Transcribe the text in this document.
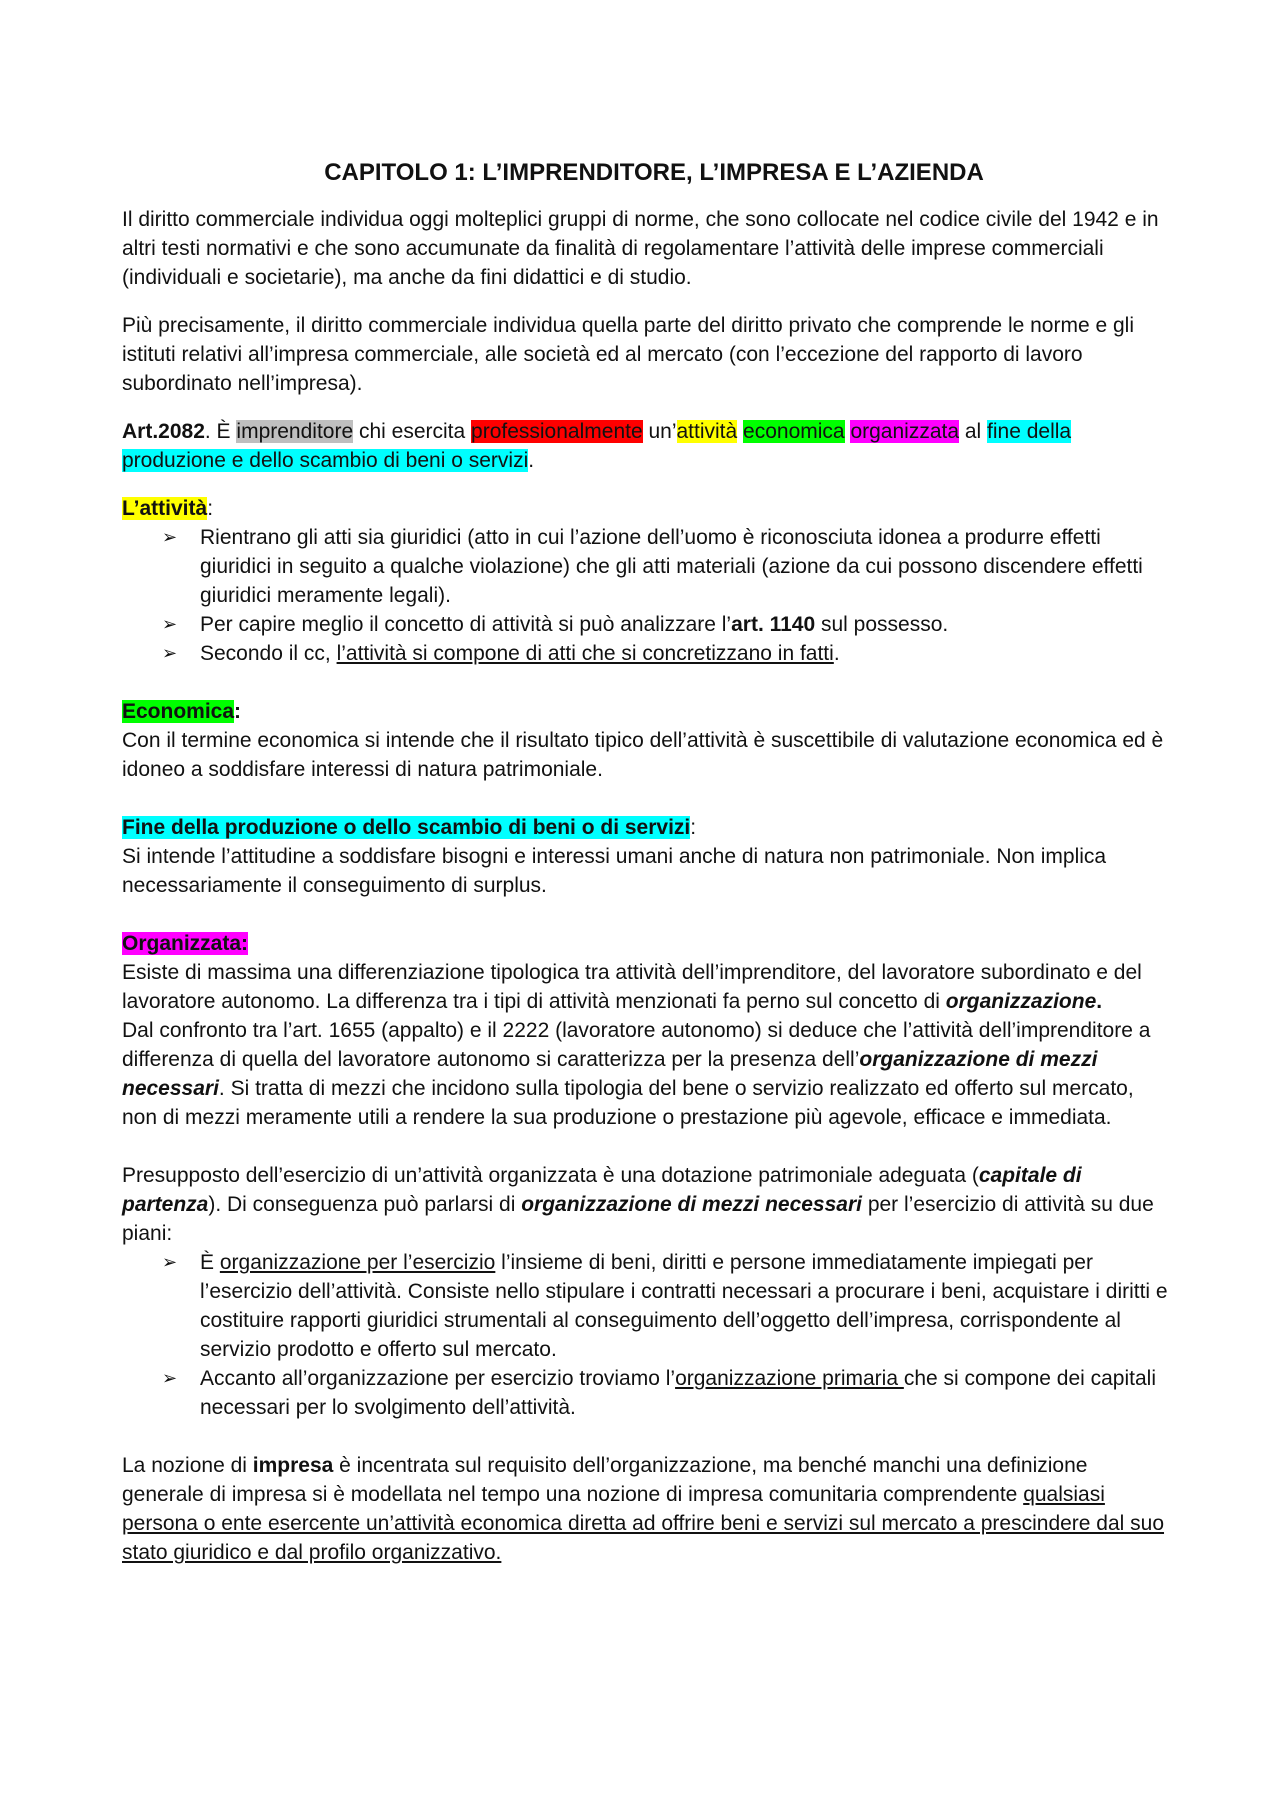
CAPITOLO 1: L’IMPRENDITORE, L’IMPRESA E L’AZIENDA

Il diritto commerciale individua oggi molteplici gruppi di norme, che sono collocate nel codice civile del 1942 e in altri testi normativi e che sono accumunate da finalità di regolamentare l’attività delle imprese commerciali (individuali e societarie), ma anche da fini didattici e di studio.

Più precisamente, il diritto commerciale individua quella parte del diritto privato che comprende le norme e gli istituti relativi all’impresa commerciale, alle società ed al mercato (con l’eccezione del rapporto di lavoro subordinato nell’impresa).

Art.2082. È imprenditore chi esercita professionalmente un’attività economica organizzata al fine della produzione e dello scambio di beni o servizi.

L’attività:

➢ Rientrano gli atti sia giuridici (atto in cui l’azione dell’uomo è riconosciuta idonea a produrre effetti giuridici in seguito a qualche violazione) che gli atti materiali (azione da cui possono discendere effetti giuridici meramente legali).
➢ Per capire meglio il concetto di attività si può analizzare l’art. 1140 sul possesso.
➢ Secondo il cc, l’attività si compone di atti che si concretizzano in fatti.

Economica:

Con il termine economica si intende che il risultato tipico dell’attività è suscettibile di valutazione economica ed è idoneo a soddisfare interessi di natura patrimoniale.

Fine della produzione o dello scambio di beni o di servizi:

Si intende l’attitudine a soddisfare bisogni e interessi umani anche di natura non patrimoniale. Non implica necessariamente il conseguimento di surplus.

Organizzata:

Esiste di massima una differenziazione tipologica tra attività dell’imprenditore, del lavoratore subordinato e del lavoratore autonomo. La differenza tra i tipi di attività menzionati fa perno sul concetto di organizzazione.

Dal confronto tra l’art. 1655 (appalto) e il 2222 (lavoratore autonomo) si deduce che l’attività dell’imprenditore a differenza di quella del lavoratore autonomo si caratterizza per la presenza dell’organizzazione di mezzi necessari. Si tratta di mezzi che incidono sulla tipologia del bene o servizio realizzato ed offerto sul mercato, non di mezzi meramente utili a rendere la sua produzione o prestazione più agevole, efficace e immediata.

Presupposto dell’esercizio di un’attività organizzata è una dotazione patrimoniale adeguata (capitale di partenza). Di conseguenza può parlarsi di organizzazione di mezzi necessari per l’esercizio di attività su due piani:

➢ È organizzazione per l’esercizio l’insieme di beni, diritti e persone immediatamente impiegati per l’esercizio dell’attività. Consiste nello stipulare i contratti necessari a procurare i beni, acquistare i diritti e costituire rapporti giuridici strumentali al conseguimento dell’oggetto dell’impresa, corrispondente al servizio prodotto e offerto sul mercato.
➢ Accanto all’organizzazione per esercizio troviamo l’organizzazione primaria che si compone dei capitali necessari per lo svolgimento dell’attività.

La nozione di impresa è incentrata sul requisito dell’organizzazione, ma benché manchi una definizione generale di impresa si è modellata nel tempo una nozione di impresa comunitaria comprendente qualsiasi persona o ente esercente un’attività economica diretta ad offrire beni e servizi sul mercato a prescindere dal suo stato giuridico e dal profilo organizzativo.
